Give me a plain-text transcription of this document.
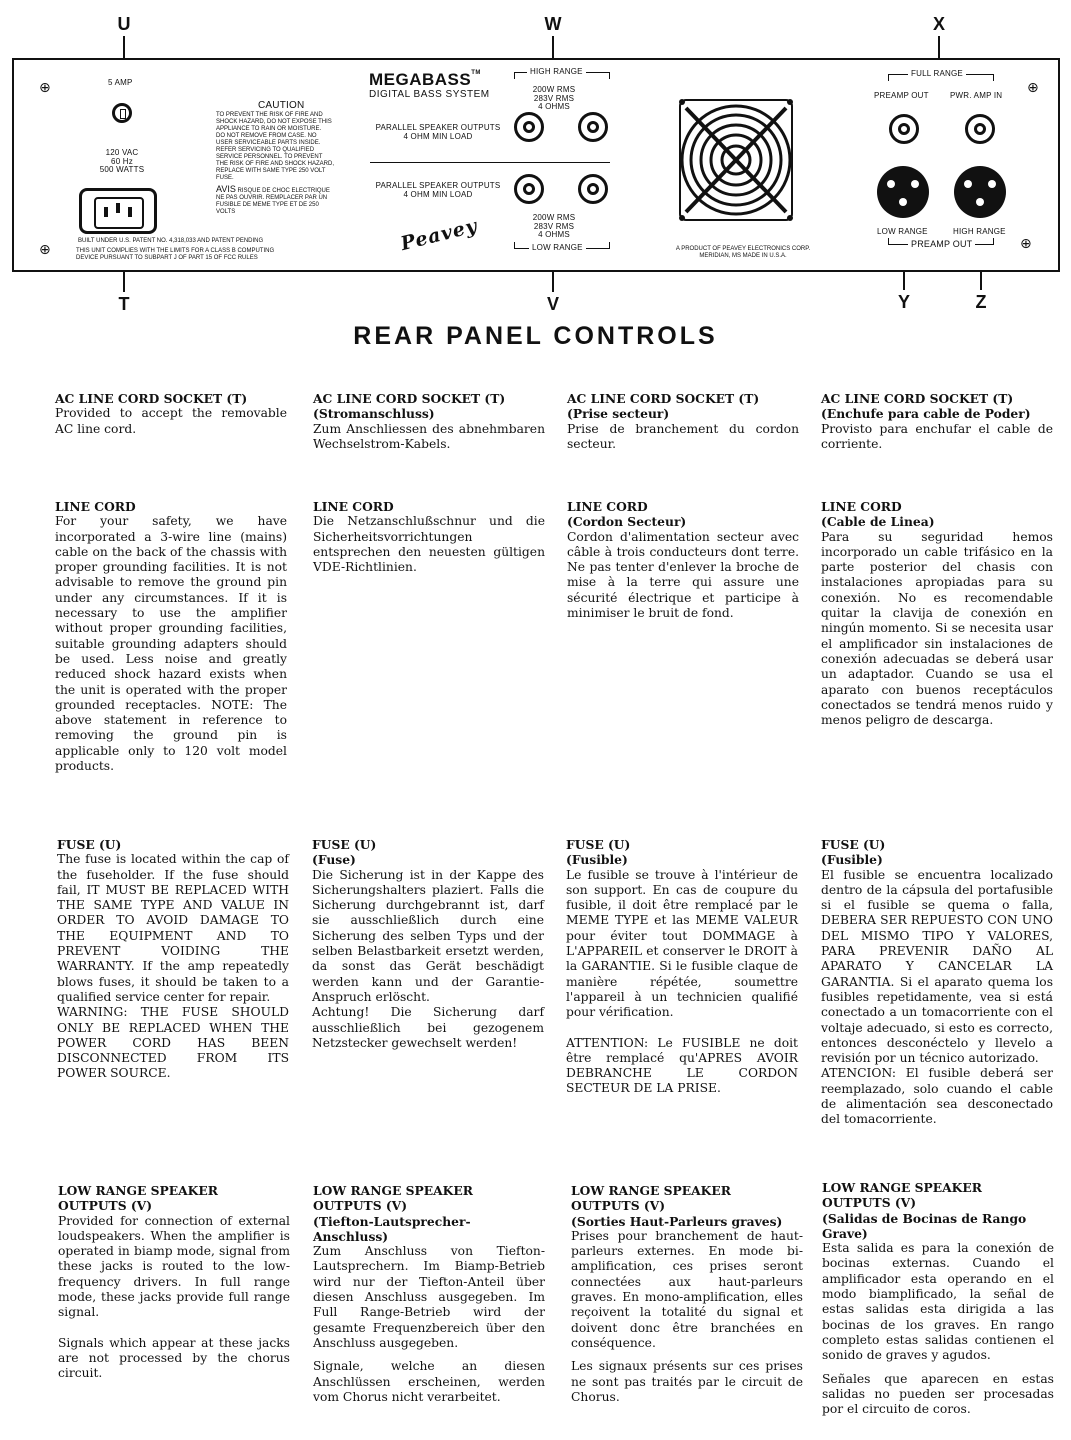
U	W	X
T	V	Y	Z
⊕
⊕
⊕
⊕
5 AMP
120 VAC
60 Hz
500 WATTS
CAUTION
TO PREVENT THE RISK OF FIRE AND
SHOCK HAZARD, DO NOT EXPOSE THIS
APPLIANCE TO RAIN OR MOISTURE.
DO NOT REMOVE FROM CASE. NO
USER SERVICEABLE PARTS INSIDE.
REFER SERVICING TO QUALIFIED
SERVICE PERSONNEL. TO PREVENT
THE RISK OF FIRE AND SHOCK HAZARD,
REPLACE WITH SAME TYPE 250 VOLT
FUSE.
AVIS RISQUE DE CHOC ELECTRIQUE
NE PAS OUVRIR. REMPLACER PAR UN
FUSIBLE DE MEME TYPE ET DE 250
VOLTS
BUILT UNDER U.S. PATENT NO. 4,318,033 AND PATENT PENDING
THIS UNIT COMPLIES WITH THE LIMITS FOR A CLASS B COMPUTING
DEVICE PURSUANT TO SUBPART J OF PART 15 OF FCC RULES
MEGABASS™
DIGITAL BASS SYSTEM
PARALLEL SPEAKER OUTPUTS
4 OHM MIN LOAD
PARALLEL SPEAKER OUTPUTS
4 OHM MIN LOAD
HIGH RANGE
200W RMS
283V RMS
4 OHMS
200W RMS
283V RMS
4 OHMS
LOW RANGE
Peavey	A PRODUCT OF PEAVEY ELECTRONICS CORP.
MERIDIAN, MS MADE IN U.S.A.
FULL RANGE
PREAMP OUT	PWR. AMP IN
LOW RANGE	HIGH RANGE
PREAMP OUT
REAR PANEL CONTROLS

AC LINE CORD SOCKET (T)

Provided to accept the removable AC line cord.

AC LINE CORD SOCKET (T)

(Stromanschluss)

Zum Anschliessen des abnehmbaren Wechselstrom-Kabels.

AC LINE CORD SOCKET (T)

(Prise secteur)

Prise de branchement du cordon secteur.

AC LINE CORD SOCKET (T)

(Enchufe para cable de Poder)

Provisto para enchufar el cable de corriente.

LINE CORD

For your safety, we have incorporated a 3-wire line (mains) cable on the back of the chassis with proper grounding facilities. It is not advisable to remove the ground pin under any circumstances. If it is necessary to use the amplifier without proper grounding facilities, suitable grounding adapters should be used. Less noise and greatly reduced shock hazard exists when the unit is operated with the proper grounded receptacles. NOTE: The above statement in reference to removing the ground pin is applicable only to 120 volt model products.

LINE CORD

Die Netzanschlußschnur und die Sicherheitsvorrichtungen entsprechen den neuesten gültigen VDE-Richtlinien.

LINE CORD

(Cordon Secteur)

Cordon d'alimentation secteur avec câble à trois conducteurs dont terre. Ne pas tenter d'enlever la broche de mise à la terre qui assure une sécurité électrique et participe à minimiser le bruit de fond.

LINE CORD

(Cable de Linea)

Para su seguridad hemos incorporado un cable trifásico en la parte posterior del chasis con instalaciones apropiadas para su conexión. No es recomendable quitar la clavija de conexión en ningún momento. Si se necesita usar el amplificador sin instalaciones de conexión adecuadas se deberá usar un adaptador. Cuando se usa el aparato con buenos receptáculos conectados se tendrá menos ruido y menos peligro de descarga.

FUSE (U)

The fuse is located within the cap of the fuseholder. If the fuse should fail, IT MUST BE REPLACED WITH THE SAME TYPE AND VALUE IN ORDER TO AVOID DAMAGE TO THE EQUIPMENT AND TO PREVENT VOIDING THE WARRANTY. If the amp repeatedly blows fuses, it should be taken to a qualified service center for repair.

WARNING: THE FUSE SHOULD ONLY BE REPLACED WHEN THE POWER CORD HAS BEEN DISCONNECTED FROM ITS POWER SOURCE.

FUSE (U)

(Fuse)

Die Sicherung ist in der Kappe des Sicherungshalters plaziert. Falls die Sicherung durchgebrannt ist, darf sie ausschließlich durch eine Sicherung des selben Typs und der selben Belastbarkeit ersetzt werden, da sonst das Gerät beschädigt werden kann und der Garantie-Anspruch erlöscht.

Achtung! Die Sicherung darf ausschließlich bei gezogenem Netzstecker gewechselt werden!

FUSE (U)

(Fusible)

Le fusible se trouve à l'intérieur de son support. En cas de coupure du fusible, il doit être remplacé par le MEME TYPE et las MEME VALEUR pour éviter tout DOMMAGE à L'APPAREIL et conserver le DROIT à la GARANTIE. Si le fusible claque de manière répétée, soumettre l'appareil à un technicien qualifié pour vérification.

ATTENTION: Le FUSIBLE ne doit être remplacé qu'APRES AVOIR DEBRANCHE LE CORDON SECTEUR DE LA PRISE.

FUSE (U)

(Fusible)

El fusible se encuentra localizado dentro de la cápsula del portafusible si el fusible se quema o falla, DEBERA SER REPUESTO CON UNO DEL MISMO TIPO Y VALORES, PARA PREVENIR DAÑO AL APARATO Y CANCELAR LA GARANTIA. Si el aparato quema los fusibles repetidamente, vea si está conectado a un tomacorriente con el voltaje adecuado, si esto es correcto, entonces desconéctelo y llevelo a revisión por un técnico autorizado.

ATENCION: El fusible deberá ser reemplazado, solo cuando el cable de alimentación sea desconectado del tomacorriente.

LOW RANGE SPEAKER OUTPUTS (V)

Provided for connection of external loudspeakers. When the amplifier is operated in biamp mode, signal from these jacks is routed to the low-frequency drivers. In full range mode, these jacks provide full range signal.

Signals which appear at these jacks are not processed by the chorus circuit.

LOW RANGE SPEAKER OUTPUTS (V)

(Tiefton-Lautsprecher-Anschluss)

Zum Anschluss von Tiefton-Lautsprechern. Im Biamp-Betrieb wird nur der Tiefton-Anteil über diesen Anschluss ausgegeben. Im Full Range-Betrieb wird der gesamte Frequenzbereich über den Anschluss ausgegeben.

Signale, welche an diesen Anschlüssen erscheinen, werden vom Chorus nicht verarbeitet.

LOW RANGE SPEAKER OUTPUTS (V)

(Sorties Haut-Parleurs graves)

Prises pour branchement de haut-parleurs externes. En mode bi-amplification, ces prises seront connectées aux haut-parleurs graves. En mono-amplification, elles reçoivent la totalité du signal et doivent donc être branchées en conséquence.

Les signaux présents sur ces prises ne sont pas traités par le circuit de Chorus.

LOW RANGE SPEAKER OUTPUTS (V)

(Salidas de Bocinas de Rango Grave)

Esta salida es para la conexión de bocinas externas. Cuando el amplificador esta operando en el modo biamplificado, la señal de estas salidas esta dirigida a las bocinas de los graves. En rango completo estas salidas contienen el sonido de graves y agudos.

Señales que aparecen en estas salidas no pueden ser procesadas por el circuito de coros.
